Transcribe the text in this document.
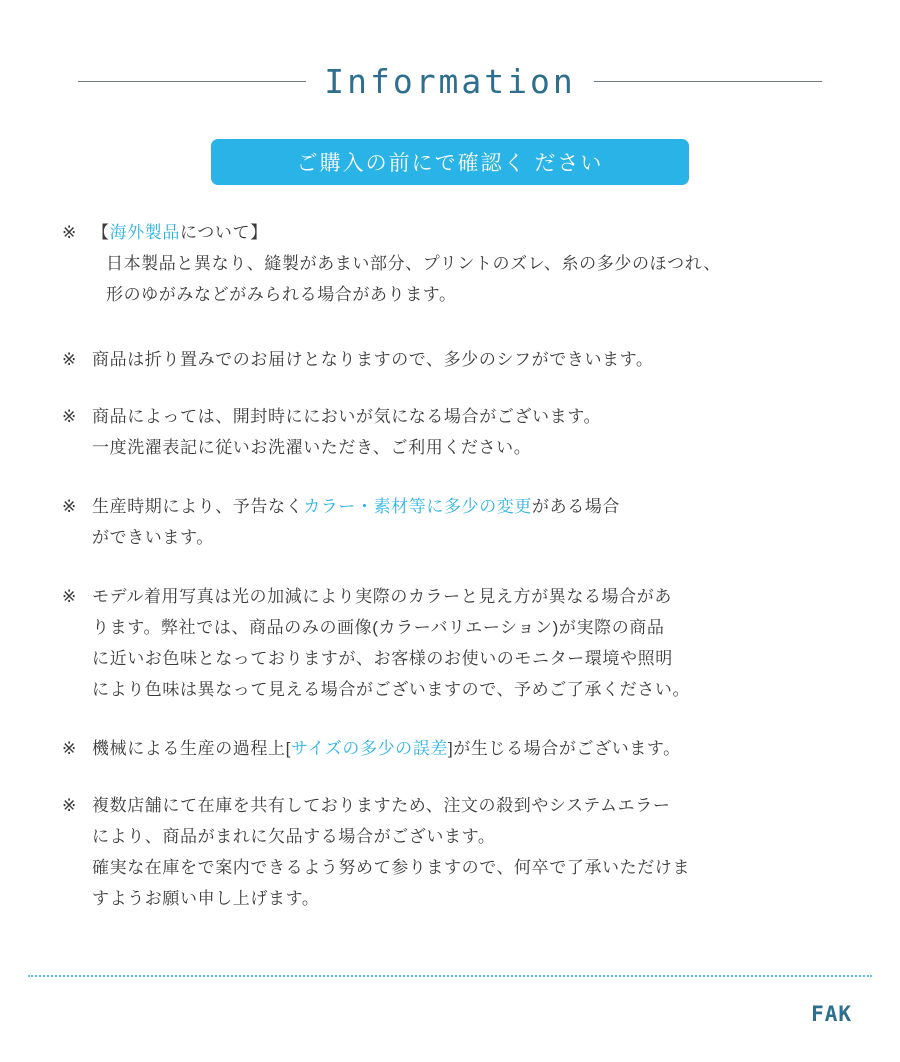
Information
ご購入の前にで確認く ださい
※ 【海外製品について】
日本製品と異なり、縫製があまい部分、プリントのズレ、糸の多少のほつれ、
形のゆがみなどがみられる場合があります。
※ 商品は折り置みでのお届けとなりますので、多少のシフができいます。
※ 商品によっては、開封時ににおいが気になる場合がございます。
一度洗濯表記に従いお洗濯いただき、ご利用ください。
※ 生産時期により、予告なくカラー・素材等に多少の変更がある場合
ができいます。
※ モデル着用写真は光の加減により実際のカラーと見え方が異なる場合があ
ります。弊社では、商品のみの画像(カラーバリエーション)が実際の商品
に近いお色味となっておりますが、お客様のお使いのモニター環境や照明
により色味は異なって見える場合がございますので、予めご了承ください。
※ 機械による生産の過程上[サイズの多少の誤差]が生じる場合がございます。
※ 複数店舗にて在庫を共有しておりますため、注文の殺到やシステムエラー
により、商品がまれに欠品する場合がございます。
確実な在庫をで案内できるよう努めて参りますので、何卒で了承いただけま
すようお願い申し上げます。
FAK
